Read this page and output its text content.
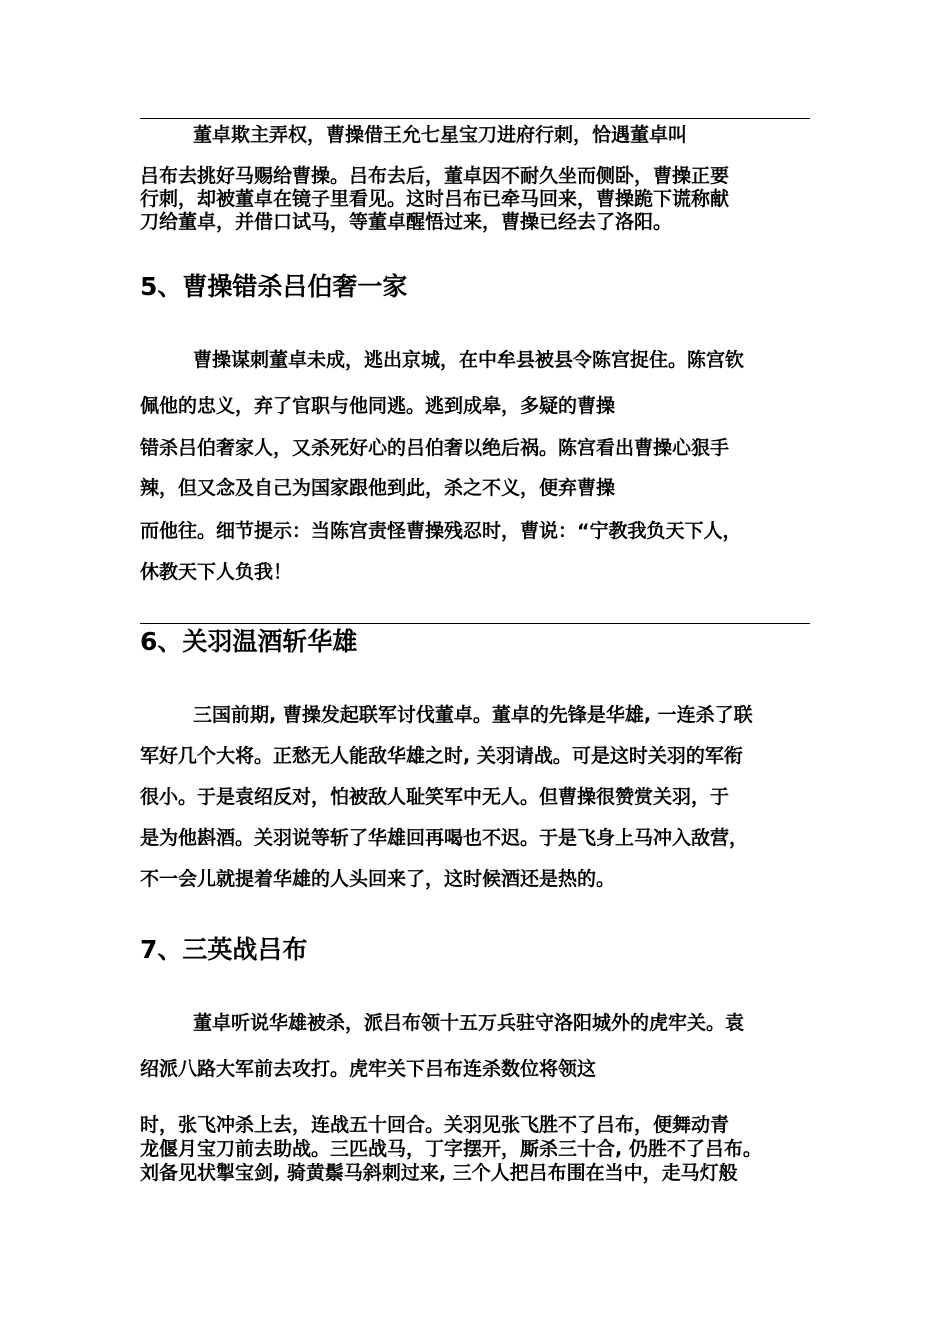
董卓欺主弄权，曹操借王允七星宝刀进府行刺，恰遇董卓叫
吕布去挑好马赐给曹操。吕布去后，董卓因不耐久坐而侧卧，曹操正要
行刺，却被董卓在镜子里看见。这时吕布已牵马回来，曹操跪下谎称献
刀给董卓，并借口试马，等董卓醒悟过来，曹操已经去了洛阳。
5、曹操错杀吕伯奢一家
曹操谋刺董卓未成，逃出京城，在中牟县被县令陈宫捉住。陈宫钦
佩他的忠义，弃了官职与他同逃。逃到成皋，多疑的曹操
错杀吕伯奢家人，又杀死好心的吕伯奢以绝后祸。陈宫看出曹操心狠手
辣，但又念及自己为国家跟他到此，杀之不义，便弃曹操
而他往。细节提示：当陈宫责怪曹操残忍时，曹说：“宁教我负天下人，
休教天下人负我！
6、关羽温酒斩华雄
三国前期, 曹操发起联军讨伐董卓。董卓的先锋是华雄, 一连杀了联
军好几个大将。正愁无人能敌华雄之时, 关羽请战。可是这时关羽的军衔
很小。于是袁绍反对，怕被敌人耻笑军中无人。但曹操很赞赏关羽，于
是为他斟酒。关羽说等斩了华雄回再喝也不迟。于是飞身上马冲入敌营，
不一会儿就提着华雄的人头回来了，这时候酒还是热的。
7、三英战吕布
董卓听说华雄被杀，派吕布领十五万兵驻守洛阳城外的虎牢关。袁
绍派八路大军前去攻打。虎牢关下吕布连杀数位将领这
时，张飞冲杀上去，连战五十回合。关羽见张飞胜不了吕布，便舞动青
龙偃月宝刀前去助战。三匹战马，丁字摆开，厮杀三十合, 仍胜不了吕布。
刘备见状掣宝剑, 骑黄鬃马斜刺过来, 三个人把吕布围在当中，走马灯般
